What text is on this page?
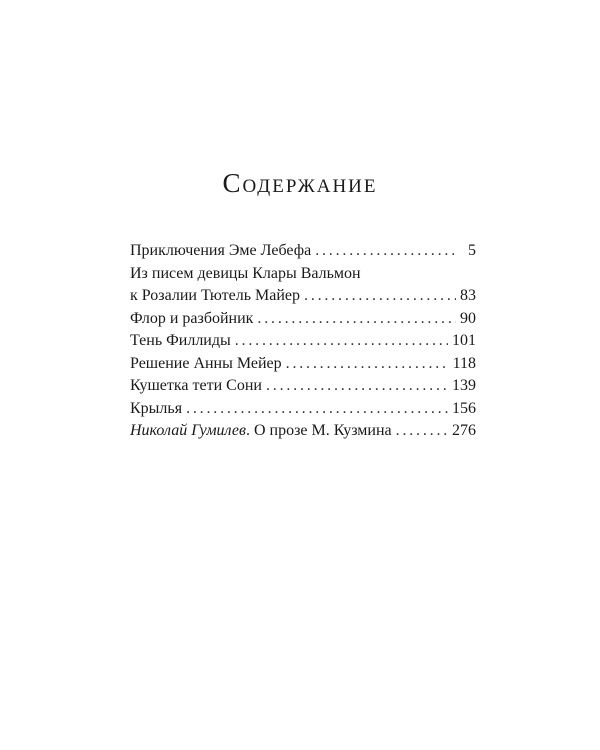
Содержание
Приключения Эме Лебефа . . .	5
Из писем девицы Клары Вальмон
к Розалии Тютель Майер . . .	83
Флор и разбойник . . .	90
Тень Филлиды . . .	101
Решение Анны Мейер . . .	118
Кушетка тети Сони . . .	139
Крылья . . .	156
Николай Гумилев. О прозе М. Кузмина . . .	276
